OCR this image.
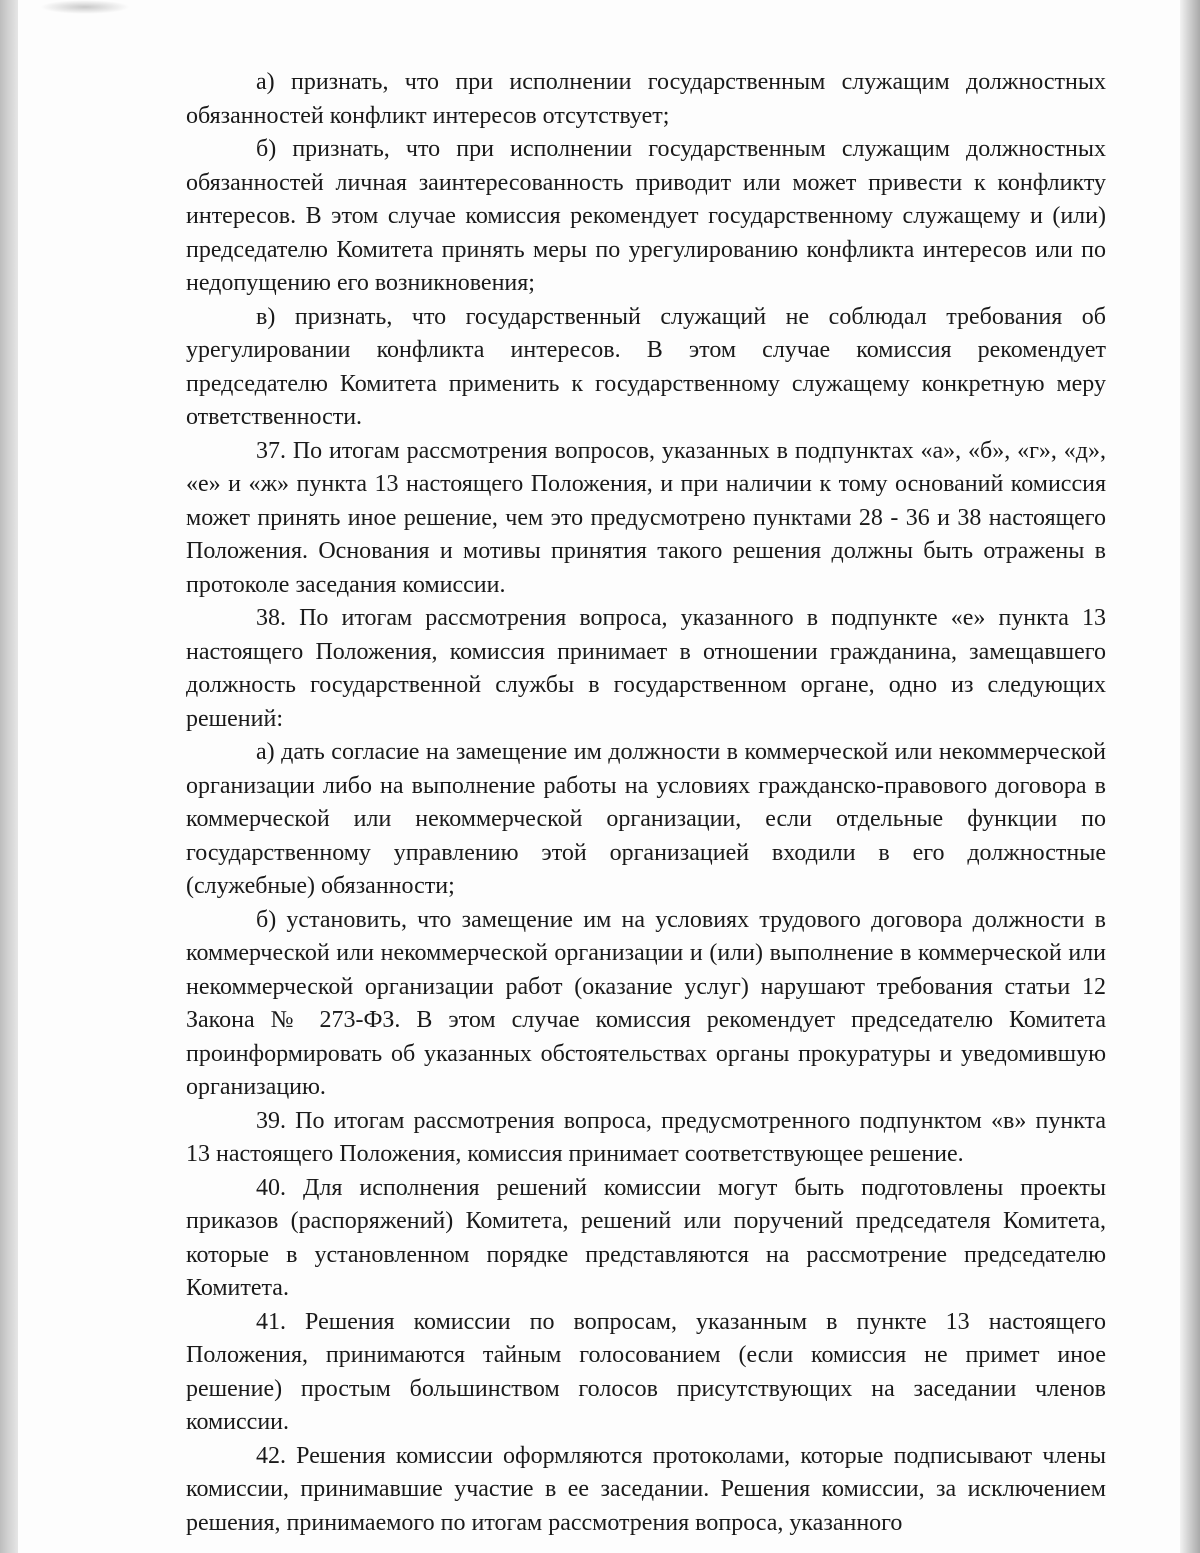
а) признать, что при исполнении государственным служащим должностных обязанностей конфликт интересов отсутствует;

б) признать, что при исполнении государственным служащим должностных обязанностей личная заинтересованность приводит или может привести к конфликту интересов. В этом случае комиссия рекомендует государственному служащему и (или) председателю Комитета принять меры по урегулированию конфликта интересов или по недопущению его возникновения;

в) признать, что государственный служащий не соблюдал требования об урегулировании конфликта интересов. В этом случае комиссия рекомендует председателю Комитета применить к государственному служащему конкретную меру ответственности.

37. По итогам рассмотрения вопросов, указанных в подпунктах «а», «б», «г», «д», «е» и «ж» пункта 13 настоящего Положения, и при наличии к тому оснований комиссия может принять иное решение, чем это предусмотрено пунктами 28 - 36 и 38 настоящего Положения. Основания и мотивы принятия такого решения должны быть отражены в протоколе заседания комиссии.

38. По итогам рассмотрения вопроса, указанного в подпункте «е» пункта 13 настоящего Положения, комиссия принимает в отношении гражданина, замещавшего должность государственной службы в государственном органе, одно из следующих решений:

а) дать согласие на замещение им должности в коммерческой или некоммерческой организации либо на выполнение работы на условиях гражданско-правового договора в коммерческой или некоммерческой организации, если отдельные функции по государственному управлению этой организацией входили в его должностные (служебные) обязанности;

б) установить, что замещение им на условиях трудового договора должности в коммерческой или некоммерческой организации и (или) выполнение в коммерческой или некоммерческой организации работ (оказание услуг) нарушают требования статьи 12 Закона № 273-ФЗ. В этом случае комиссия рекомендует председателю Комитета проинформировать об указанных обстоятельствах органы прокуратуры и уведомившую организацию.

39. По итогам рассмотрения вопроса, предусмотренного подпунктом «в» пункта 13 настоящего Положения, комиссия принимает соответствующее решение.

40. Для исполнения решений комиссии могут быть подготовлены проекты приказов (распоряжений) Комитета, решений или поручений председателя Комитета, которые в установленном порядке представляются на рассмотрение председателю Комитета.

41. Решения комиссии по вопросам, указанным в пункте 13 настоящего Положения, принимаются тайным голосованием (если комиссия не примет иное решение) простым большинством голосов присутствующих на заседании членов комиссии.

42. Решения комиссии оформляются протоколами, которые подписывают члены комиссии, принимавшие участие в ее заседании. Решения комиссии, за исключением решения, принимаемого по итогам рассмотрения вопроса, указанного
